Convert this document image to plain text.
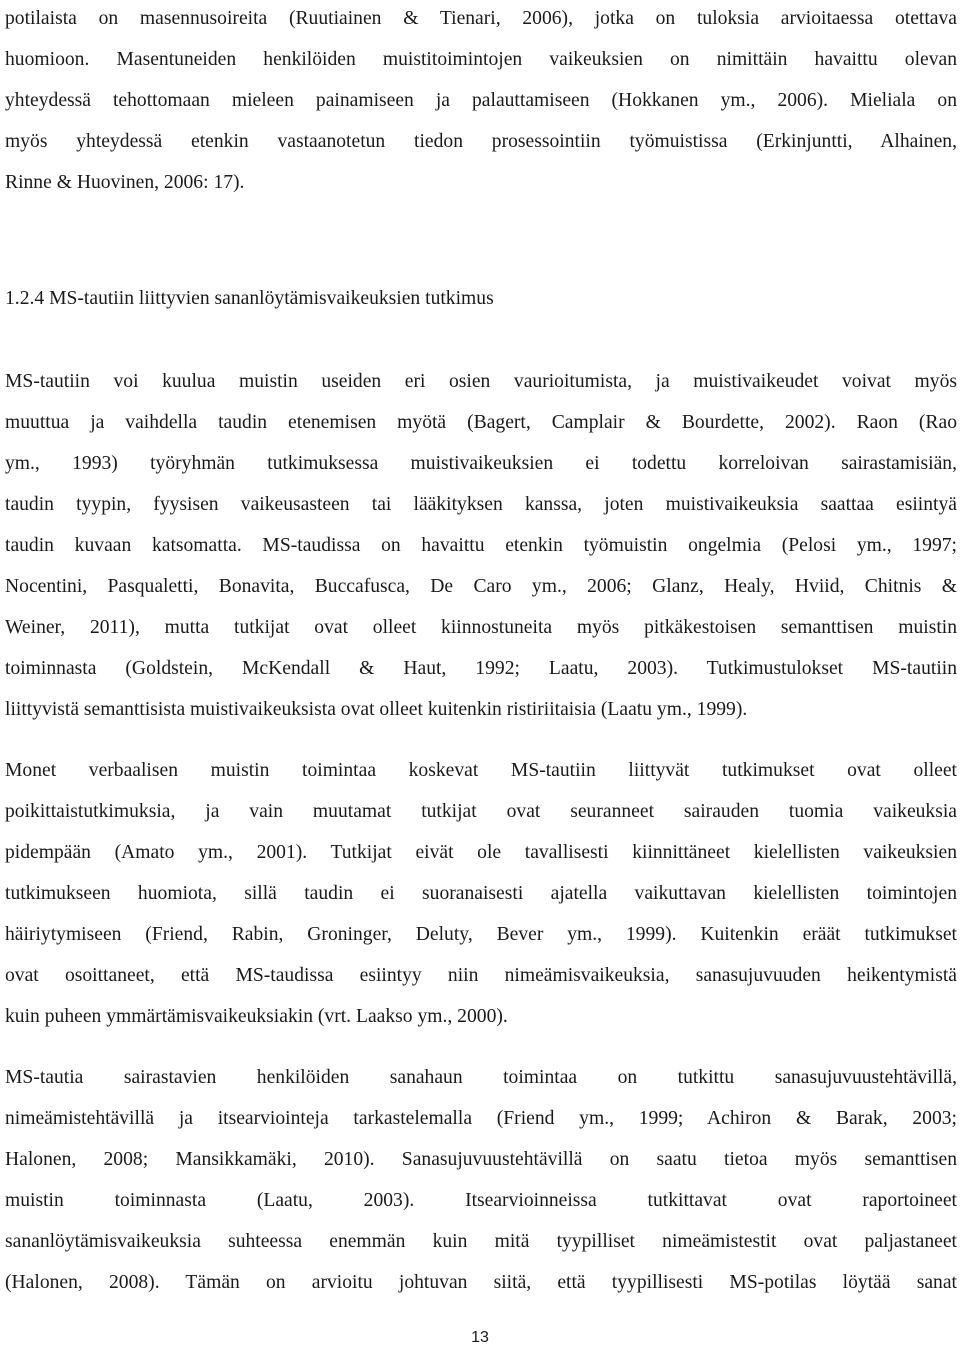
potilaista on masennusoireita (Ruutiainen & Tienari, 2006), jotka on tuloksia arvioitaessa otettava
huomioon. Masentuneiden henkilöiden muistitoimintojen vaikeuksien on nimittäin havaittu olevan
yhteydessä tehottomaan mieleen painamiseen ja palauttamiseen (Hokkanen ym., 2006). Mieliala on
myös yhteydessä etenkin vastaanotetun tiedon prosessointiin työmuistissa (Erkinjuntti, Alhainen,
Rinne & Huovinen, 2006: 17).
1.2.4 MS-tautiin liittyvien sananlöytämisvaikeuksien tutkimus
MS-tautiin voi kuulua muistin useiden eri osien vaurioitumista, ja muistivaikeudet voivat myös
muuttua ja vaihdella taudin etenemisen myötä (Bagert, Camplair & Bourdette, 2002). Raon (Rao
ym., 1993) työryhmän tutkimuksessa muistivaikeuksien ei todettu korreloivan sairastamisiän,
taudin tyypin, fyysisen vaikeusasteen tai lääkityksen kanssa, joten muistivaikeuksia saattaa esiintyä
taudin kuvaan katsomatta. MS-taudissa on havaittu etenkin työmuistin ongelmia (Pelosi ym., 1997;
Nocentini, Pasqualetti, Bonavita, Buccafusca, De Caro ym., 2006; Glanz, Healy, Hviid, Chitnis &
Weiner, 2011), mutta tutkijat ovat olleet kiinnostuneita myös pitkäkestoisen semanttisen muistin
toiminnasta (Goldstein, McKendall & Haut, 1992; Laatu, 2003). Tutkimustulokset MS-tautiin
liittyvistä semanttisista muistivaikeuksista ovat olleet kuitenkin ristiriitaisia (Laatu ym., 1999).
Monet verbaalisen muistin toimintaa koskevat MS-tautiin liittyvät tutkimukset ovat olleet
poikittaistutkimuksia, ja vain muutamat tutkijat ovat seuranneet sairauden tuomia vaikeuksia
pidempään (Amato ym., 2001). Tutkijat eivät ole tavallisesti kiinnittäneet kielellisten vaikeuksien
tutkimukseen huomiota, sillä taudin ei suoranaisesti ajatella vaikuttavan kielellisten toimintojen
häiriytymiseen (Friend, Rabin, Groninger, Deluty, Bever ym., 1999). Kuitenkin eräät tutkimukset
ovat osoittaneet, että MS-taudissa esiintyy niin nimeämisvaikeuksia, sanasujuvuuden heikentymistä
kuin puheen ymmärtämisvaikeuksiakin (vrt. Laakso ym., 2000).
MS-tautia sairastavien henkilöiden sanahaun toimintaa on tutkittu sanasujuvuustehtävillä,
nimeämistehtävillä ja itsearviointeja tarkastelemalla (Friend ym., 1999; Achiron & Barak, 2003;
Halonen, 2008; Mansikkamäki, 2010). Sanasujuvuustehtävillä on saatu tietoa myös semanttisen
muistin toiminnasta (Laatu, 2003). Itsearvioinneissa tutkittavat ovat raportoineet
sananlöytämisvaikeuksia suhteessa enemmän kuin mitä tyypilliset nimeämistestit ovat paljastaneet
(Halonen, 2008). Tämän on arvioitu johtuvan siitä, että tyypillisesti MS-potilas löytää sanat
13
